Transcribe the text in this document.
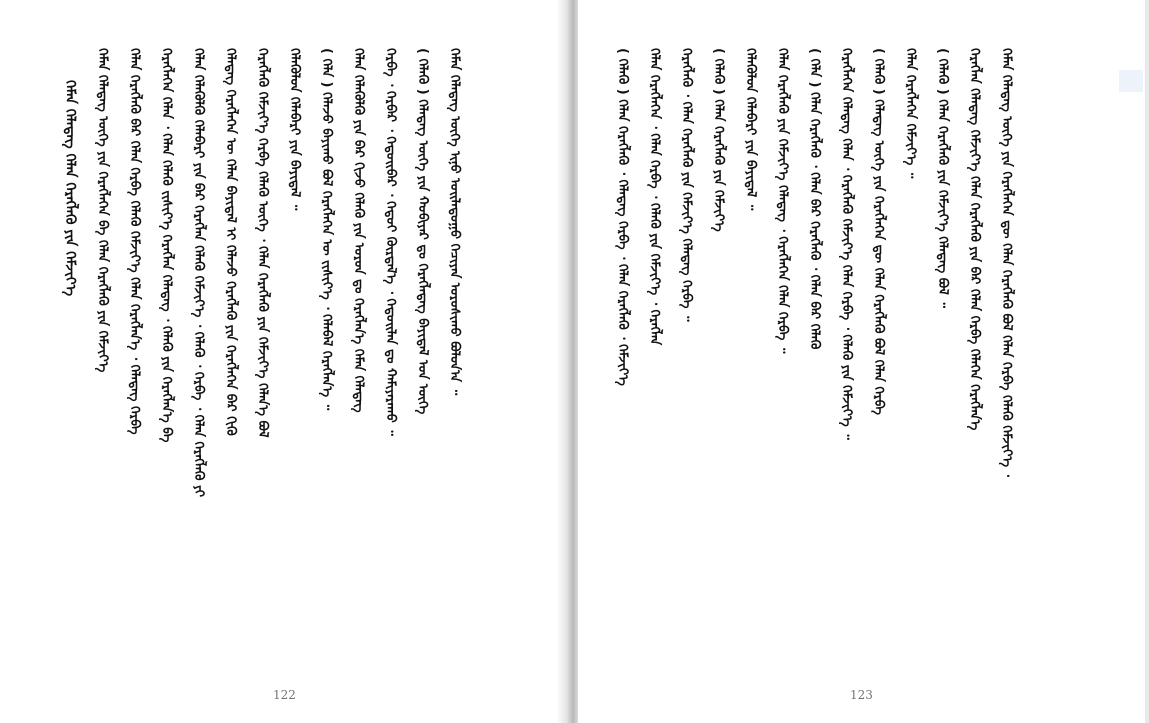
ᠬᠡᠮᠡᠨ ᠬᠡᠯᠡᠳᠡᠭ ᠬᠡᠯᠡᠨ ᠬᠡᠷᠡᠭᠯᠡᠬᠦ ᠶᠢᠨ ᠬᠡᠮᠵᠢᠶ᠎ᠡ ᠬᠡᠮᠡᠨ ᠬᠡᠯᠡᠳᠡᠭ ᠦᠭᠡ ᠶᠢᠨ ᠬᠡᠷᠡᠭᠯᠡᠭᠡᠨ ᠪᠠ ᠬᠡᠯᠡᠨ ᠬᠡᠷᠡᠭᠯᠡᠬᠦ ᠶᠢᠨ ᠬᠡᠮᠵᠢᠶ᠎ᠡ ᠬᠡᠯᠡᠨ ᠬᠡᠷᠡᠭᠯᠡᠬᠦ ᠪᠠᠷ ᠬᠡᠯᠡᠨ ᠬᠡᠷᠪᠡ ᠬᠡᠯᠡᠬᠦ ᠬᠡᠮᠵᠢᠶ᠎ᠡ ᠬᠡᠯᠡᠨ ᠬᠡᠷᠡᠭᠯᠡᠨ᠎ᠡ ᠂ ᠬᠡᠯᠡᠳᠡᠭ ᠬᠡᠷᠪᠡ ᠬᠡᠷᠡᠭᠯᠡᠭᠡᠨ ᠬᠡᠯᠡᠨ ᠂ ᠬᠡᠯᠡᠨ ᠬᠡᠯᠡᠬᠦ ᠵᠢᠱᠢᠶ᠎ᠡ ᠬᠡᠷᠡᠭᠯᠡᠨ ᠬᠡᠯᠡᠳᠡᠭ ᠂ ᠬᠡᠯᠡᠬᠦ ᠶᠢᠨ ᠬᠡᠷᠡᠭᠯᠡᠨ᠎ᠡ ᠪᠠ ᠬᠡᠯᠡᠨ ᠬᠡᠯᠡᠭᠦᠯᠬᠦ ᠬᠡᠯᠡᠪᠡᠷᠢ ᠶᠢᠨ ᠪᠠᠷ ᠬᠡᠷᠡᠭᠯᠡᠨ ᠬᠡᠯᠡᠬᠦ ᠬᠡᠮᠵᠢᠶ᠎ᠡ ᠂ ᠬᠡᠯᠡᠬᠦ ᠂ ᠬᠡᠷᠪᠡ ᠂ ᠬᠡᠯᠡᠨ ᠬᠡᠷᠡᠭᠯᠡᠬᠦ ᠶᠢ ᠬᠡᠯᠡᠳᠡᠭ ᠬᠡᠷᠡᠭᠯᠡᠭᠡᠨ ᠦ ᠬᠡᠯᠡᠨ ᠪᠠᠶᠢᠳᠠᠯ ᠢ ᠬᠡᠯᠡᠵᠦ ᠬᠡᠷᠡᠭᠯᠡᠬᠦ ᠶᠢᠨ ᠬᠡᠷᠡᠭᠯᠡᠭᠡᠨ ᠪᠠᠷ ᠬᠢᠬᠦ ᠬᠡᠷᠡᠭᠯᠡᠬᠦ ᠬᠡᠮᠵᠢᠶ᠎ᠡ ᠬᠡᠷᠪᠡ ᠬᠡᠯᠡᠬᠦ ᠦᠭᠡ ᠂ ᠬᠡᠯᠡᠨ ᠬᠡᠷᠡᠭᠯᠡᠬᠦ ᠶᠢᠨ ᠬᠡᠮᠵᠢᠶ᠎ᠡ ᠬᠡᠯᠡᠨ᠎ᠡ ᠪᠣᠯ ᠬᠡᠯᠡᠭᠦᠯᠦᠨ ᠬᠡᠯᠡᠪᠡᠷᠢ ᠶᠢᠨ ᠪᠠᠶᠢᠳᠠᠯ ᠃ ( ᠬᠡᠯᠡ ) ᠬᠡᠯᠡᠵᠦ ᠪᠠᠶᠢᠬᠤ ᠪᠣᠯ ᠬᠡᠷᠡᠭᠯᠡᠭᠡᠨ ᠦ ᠵᠢᠱᠢᠶ᠎ᠡ ᠂ ᠬᠡᠯᠡᠪᠡᠯ ᠬᠡᠷᠡᠭᠯᠡᠨ᠎ᠡ ᠃ ᠬᠡᠯᠡᠨ ᠬᠡᠯᠡᠭᠦᠯᠬᠦ ᠶᠢᠨ ᠪᠠᠷ ᠬᠢᠵᠦ ᠬᠡᠯᠡᠬᠦ ᠶᠢᠨ ᠣᠷᠣᠨ ᠳᠤ ᠬᠡᠷᠡᠭᠯᠡᠨ᠎ᠡ ᠬᠡᠮᠡᠨ ᠬᠡᠯᠡᠳᠡᠭ ᠬᠡᠷᠪᠡ ᠂ ᠬᠡᠷᠪᠡᠷ ᠂ ᠬᠡᠳᠦᠢᠪᠡᠷ ᠂ ᠬᠡᠳᠦᠢ ᠬᠦᠷᠲᠡᠯ᠎ᠡ ᠂ ᠬᠡᠳᠦᠢᠯᠡᠨ ᠳᠤ ᠬᠠᠮᠢᠶᠠᠷᠠᠬᠤ ᠃ ( ᠬᠡᠯᠡᠬᠦ ) ᠬᠡᠯᠡᠳᠡᠭ ᠦᠭᠡ ᠶᠢᠨ ᠬᠤᠪᠢᠶᠠᠷ ᠳᠤ ᠬᠡᠷᠡᠭᠯᠡᠳᠡᠭ ᠪᠠᠶᠢᠳᠠᠯ ᠤᠨ ᠦᠭᠡ ᠬᠡᠮᠡᠨ ᠬᠡᠯᠡᠳᠡᠭ ᠦᠭᠡ ᠢᠨᠦ ᠤᠢᠯᠠᠳᠤᠭᠤ ᠬᠡᠴᠢᠶᠡᠨ ᠤᠷᠤᠰᠢᠬᠤ ᠪᠣᠯᠤᠨ᠎ᠠ ᠃
122
( ᠬᠡᠯᠡᠬᠦ ) ᠬᠡᠯᠡᠨ ᠬᠡᠷᠡᠭᠯᠡᠬᠦ ᠂ ᠬᠡᠯᠡᠳᠡᠭ ᠬᠡᠷᠪᠡ ᠂ ᠬᠡᠯᠡᠨ ᠬᠡᠷᠡᠭᠯᠡᠬᠦ ᠂ ᠬᠡᠮᠵᠢᠶ᠎ᠡ ᠬᠡᠯᠡᠨ ᠬᠡᠷᠡᠭᠯᠡᠭᠡᠨ ᠂ ᠬᠡᠯᠡᠨ ᠬᠡᠷᠪᠡ ᠂ ᠬᠡᠯᠡᠬᠦ ᠶᠢᠨ ᠬᠡᠮᠵᠢᠶ᠎ᠡ ᠂ ᠬᠡᠷᠡᠭᠯᠡᠨ ᠬᠡᠷᠡᠭᠯᠡᠬᠦ ᠂ ᠬᠡᠯᠡᠨ ᠬᠡᠷᠡᠭᠯᠡᠬᠦ ᠶᠢᠨ ᠬᠡᠮᠵᠢᠶ᠎ᠡ ᠬᠡᠯᠡᠳᠡᠭ ᠬᠡᠷᠪᠡ ᠃ ( ᠬᠡᠯᠡᠬᠦ ) ᠬᠡᠯᠡᠨ ᠬᠡᠷᠡᠭᠯᠡᠬᠦ ᠶᠢᠨ ᠬᠡᠮᠵᠢᠶ᠎ᠡ ᠬᠡᠯᠡᠭᠦᠯᠦᠨ ᠬᠡᠯᠡᠪᠡᠷᠢ ᠶᠢᠨ ᠪᠠᠶᠢᠳᠠᠯ ᠃ ᠬᠡᠯᠡᠨ ᠬᠡᠷᠡᠭᠯᠡᠬᠦ ᠶᠢᠨ ᠬᠡᠮᠵᠢᠶ᠎ᠡ ᠬᠡᠯᠡᠳᠡᠭ ᠂ ᠬᠡᠷᠡᠭᠯᠡᠭᠡᠨ ᠬᠡᠯᠡᠨ ᠬᠡᠷᠪᠡ ᠃ ( ᠬᠡᠯᠡ ) ᠬᠡᠯᠡᠨ ᠬᠡᠷᠡᠭᠯᠡᠬᠦ ᠂ ᠬᠡᠯᠡᠨ ᠪᠠᠷ ᠬᠡᠷᠡᠭᠯᠡᠬᠦ ᠂ ᠬᠡᠯᠡᠨ ᠪᠠᠷ ᠬᠡᠯᠡᠬᠦ ᠬᠡᠷᠡᠭᠯᠡᠭᠡᠨ ᠬᠡᠯᠡᠳᠡᠭ ᠬᠡᠯᠡᠨ ᠂ ᠬᠡᠷᠡᠭᠯᠡᠬᠦ ᠬᠡᠮᠵᠢᠶ᠎ᠡ ᠬᠡᠯᠡᠨ ᠬᠡᠷᠪᠡ ᠂ ᠬᠡᠯᠡᠬᠦ ᠶᠢᠨ ᠬᠡᠮᠵᠢᠶ᠎ᠡ ᠃ ( ᠬᠡᠯᠡᠬᠦ ) ᠬᠡᠯᠡᠳᠡᠭ ᠦᠭᠡ ᠶᠢᠨ ᠬᠡᠷᠡᠭᠯᠡᠭᠡᠨ ᠳᠦ ᠬᠡᠯᠡᠨ ᠬᠡᠷᠡᠭᠯᠡᠬᠦ ᠪᠣᠯ ᠬᠡᠯᠡᠨ ᠬᠡᠷᠪᠡ ᠬᠡᠯᠡᠨ ᠬᠡᠷᠡᠭᠯᠡᠭᠡᠨ ᠬᠡᠮᠵᠢᠶ᠎ᠡ ᠃ ( ᠬᠡᠯᠡᠬᠦ ) ᠬᠡᠯᠡᠨ ᠬᠡᠷᠡᠭᠯᠡᠬᠦ ᠶᠢᠨ ᠬᠡᠮᠵᠢᠶ᠎ᠡ ᠬᠡᠯᠡᠳᠡᠭ ᠪᠣᠯ ᠃ ᠬᠡᠷᠡᠭᠯᠡᠨ ᠬᠡᠯᠡᠳᠡᠭ ᠬᠡᠮᠵᠢᠶ᠎ᠡ ᠬᠡᠯᠡᠨ ᠬᠡᠷᠡᠭᠯᠡᠬᠦ ᠶᠢᠨ ᠪᠠᠷ ᠬᠡᠯᠡᠨ ᠬᠡᠷᠪᠡ ᠬᠡᠯᠡᠭᠡᠨ ᠬᠡᠷᠡᠭᠯᠡᠨ᠎ᠡ ᠬᠡᠮᠡᠨ ᠬᠡᠯᠡᠳᠡᠭ ᠦᠭᠡ ᠶᠢᠨ ᠬᠡᠷᠡᠭᠯᠡᠭᠡᠨ ᠳᠦ ᠬᠡᠯᠡᠨ ᠬᠡᠷᠡᠭᠯᠡᠬᠦ ᠪᠣᠯ ᠬᠡᠯᠡᠨ ᠬᠡᠷᠪᠡ ᠬᠡᠯᠡᠬᠦ ᠬᠡᠮᠵᠢᠶ᠎ᠡ ᠂
123
